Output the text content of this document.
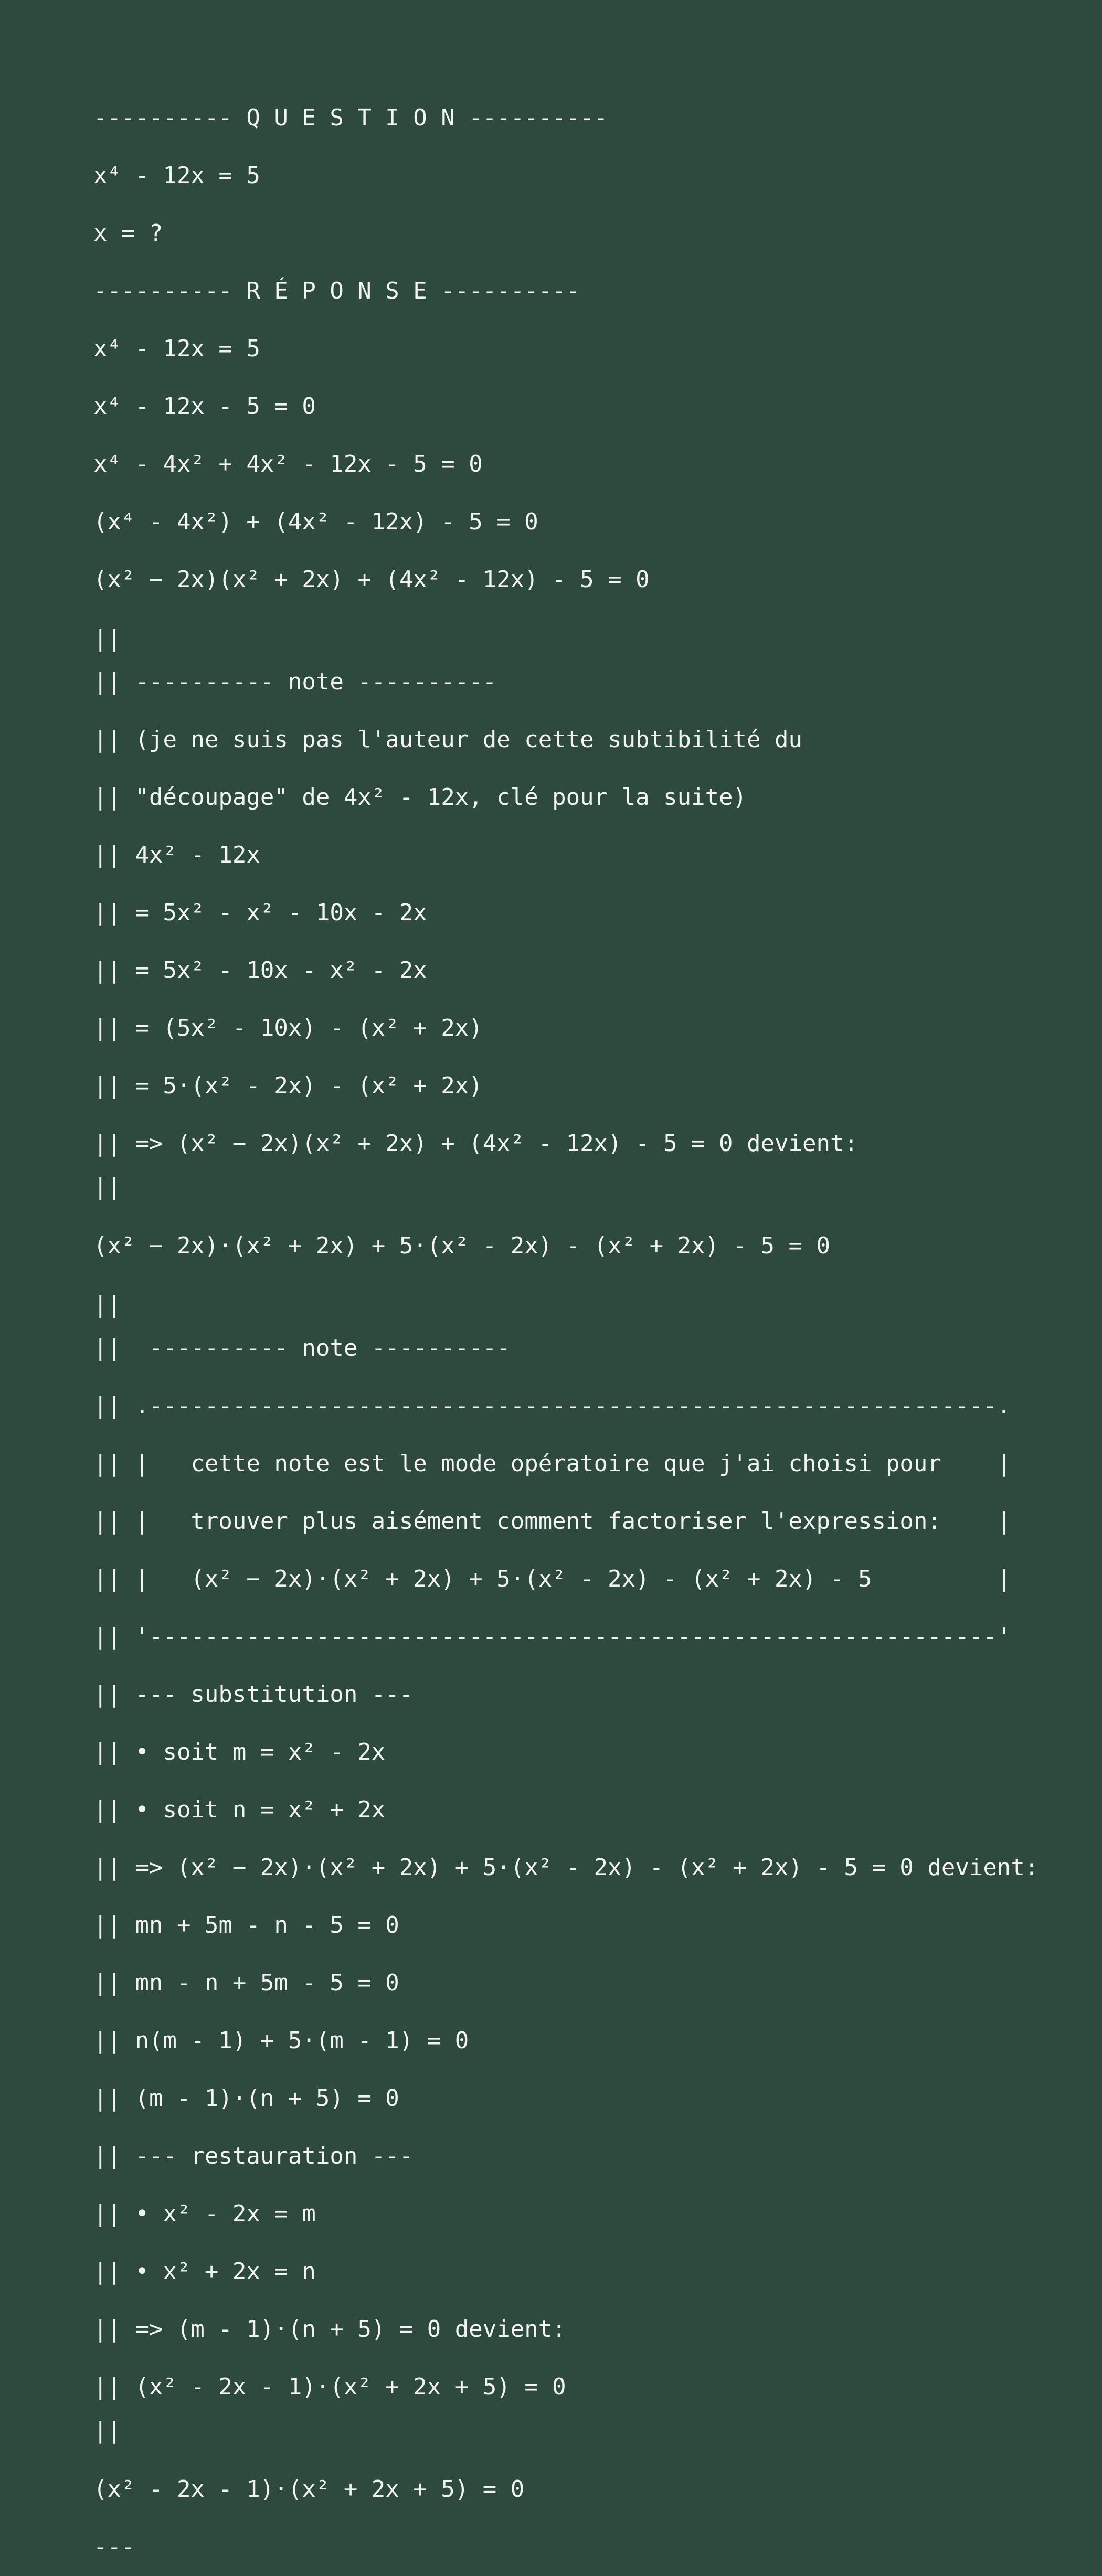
---------- Q U E S T I O N ----------
x⁴ - 12x = 5
x = ?
---------- R É P O N S E ----------
x⁴ - 12x = 5
x⁴ - 12x - 5 = 0
x⁴ - 4x² + 4x² - 12x - 5 = 0
(x⁴ - 4x²) + (4x² - 12x) - 5 = 0
(x² − 2x)(x² + 2x) + (4x² - 12x) - 5 = 0
||
|| ---------- note ----------
|| (je ne suis pas l'auteur de cette subtibilité du
|| "découpage" de 4x² - 12x, clé pour la suite)
|| 4x² - 12x
|| = 5x² - x² - 10x - 2x
|| = 5x² - 10x - x² - 2x
|| = (5x² - 10x) - (x² + 2x)
|| = 5·(x² - 2x) - (x² + 2x)
|| => (x² − 2x)(x² + 2x) + (4x² - 12x) - 5 = 0 devient:
||
(x² − 2x)·(x² + 2x) + 5·(x² - 2x) - (x² + 2x) - 5 = 0
||
||  ---------- note ----------
|| .-------------------------------------------------------------.
|| |   cette note est le mode opératoire que j'ai choisi pour    |
|| |   trouver plus aisément comment factoriser l'expression:    |
|| |   (x² − 2x)·(x² + 2x) + 5·(x² - 2x) - (x² + 2x) - 5         |
|| '-------------------------------------------------------------'
|| --- substitution ---
|| • soit m = x² - 2x
|| • soit n = x² + 2x
|| => (x² − 2x)·(x² + 2x) + 5·(x² - 2x) - (x² + 2x) - 5 = 0 devient:
|| mn + 5m - n - 5 = 0
|| mn - n + 5m - 5 = 0
|| n(m - 1) + 5·(m - 1) = 0
|| (m - 1)·(n + 5) = 0
|| --- restauration ---
|| • x² - 2x = m
|| • x² + 2x = n
|| => (m - 1)·(n + 5) = 0 devient:
|| (x² - 2x - 1)·(x² + 2x + 5) = 0
||
(x² - 2x - 1)·(x² + 2x + 5) = 0
---
